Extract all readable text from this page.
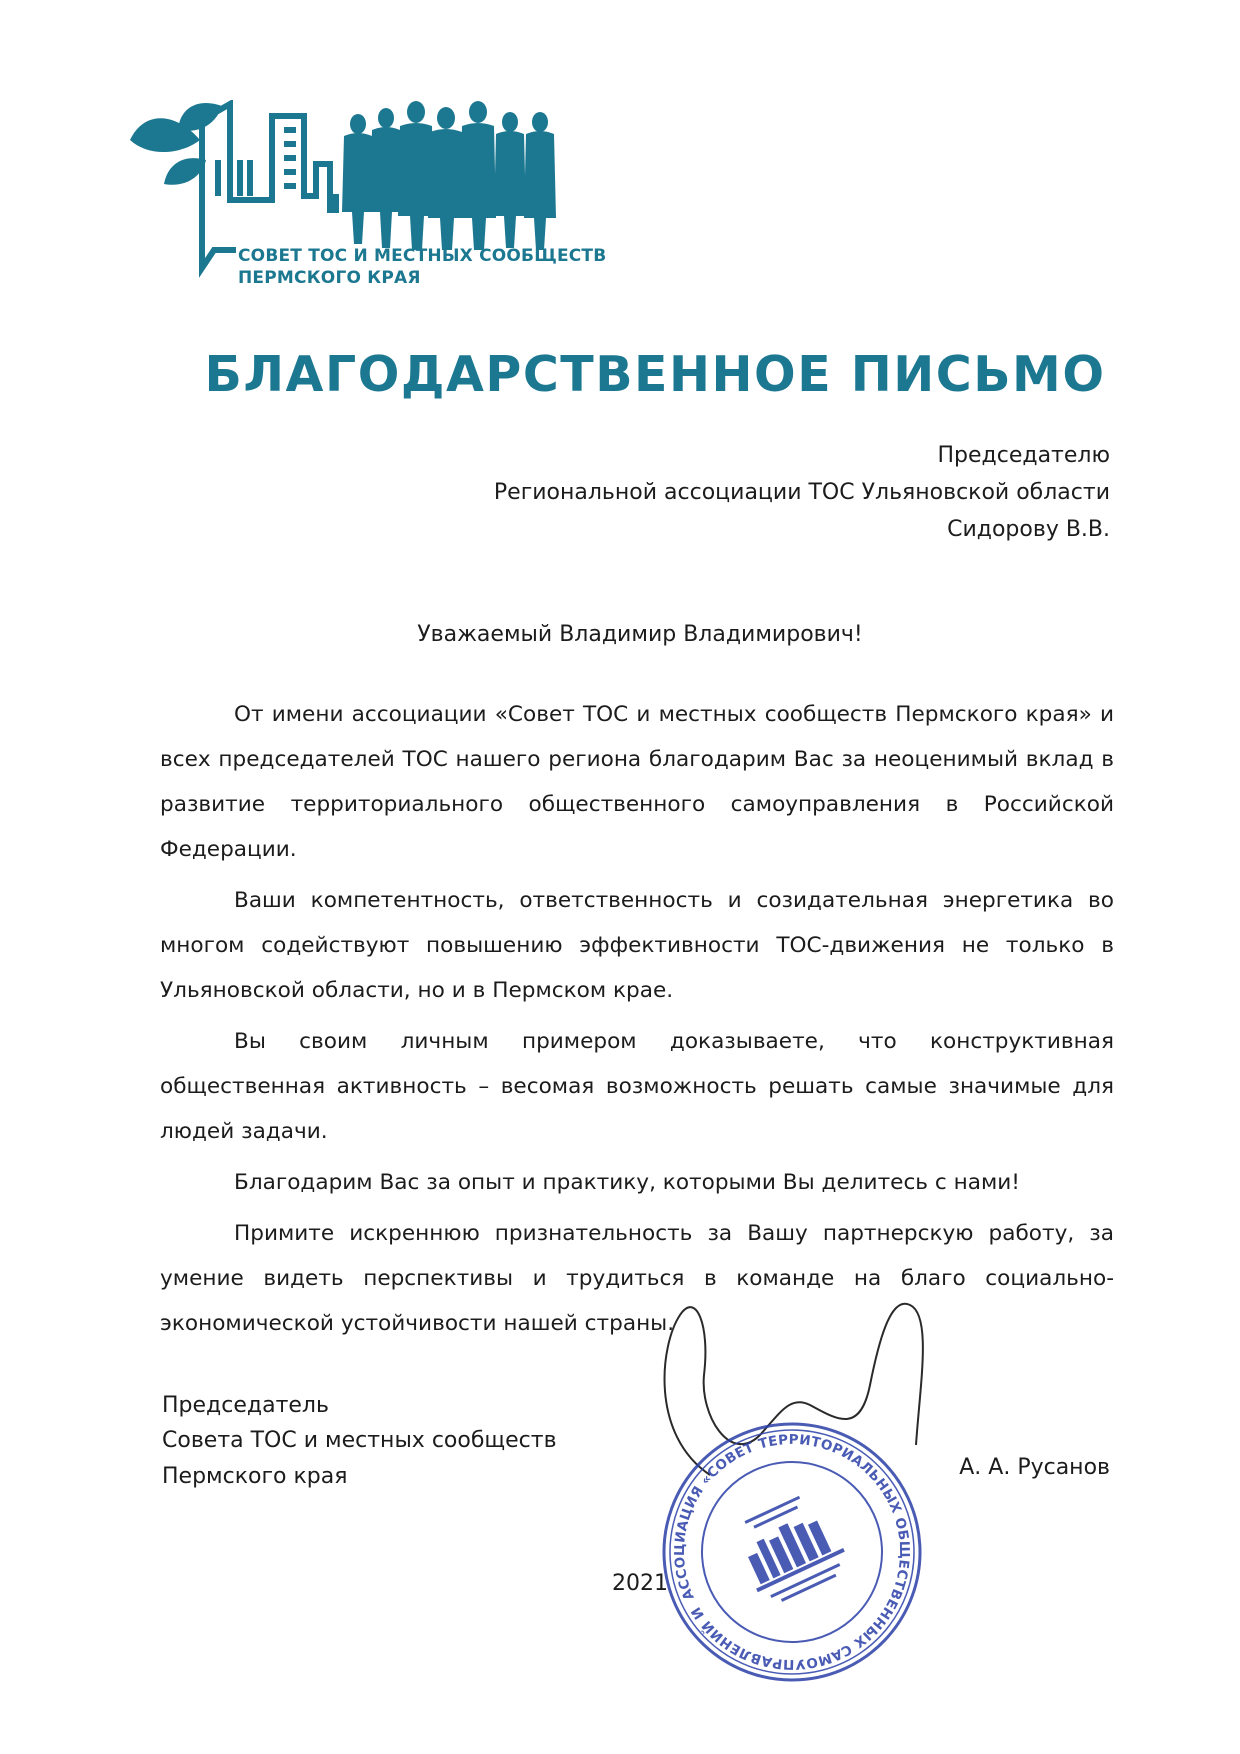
СОВЕТ ТОС И МЕСТНЫХ СООБЩЕСТВ

ПЕРМСКОГО КРАЯ

БЛАГОДАРСТВЕННОЕ ПИСЬМО

Председателю

Региональной ассоциации ТОС Ульяновской области

Сидорову В.В.

Уважаемый Владимир Владимирович!

От имени ассоциации «Совет ТОС и местных сообществ Пермского края» и всех председателей ТОС нашего региона благодарим Вас за неоценимый вклад в развитие территориального общественного самоуправления в Российской Федерации.

Ваши компетентность, ответственность и созидательная энергетика во многом содействуют повышению эффективности ТОС-движения не только в Ульяновской области, но и в Пермском крае.

Вы своим личным примером доказываете, что конструктивная общественная активность – весомая возможность решать самые значимые для людей задачи.

Благодарим Вас за опыт и практику, которыми Вы делитесь с нами!

Примите искреннюю признательность за Вашу партнерскую работу, за умение видеть перспективы и трудиться в команде на благо социально-экономической устойчивости нашей страны.

Председатель

Совета ТОС и местных сообществ

Пермского края	А. А. Русанов

2021 АССОЦИАЦИЯ «СОВЕТ ТЕРРИТОРИАЛЬНЫХ ОБЩЕСТВЕННЫХ САМОУПРАВЛЕНИЙ И
